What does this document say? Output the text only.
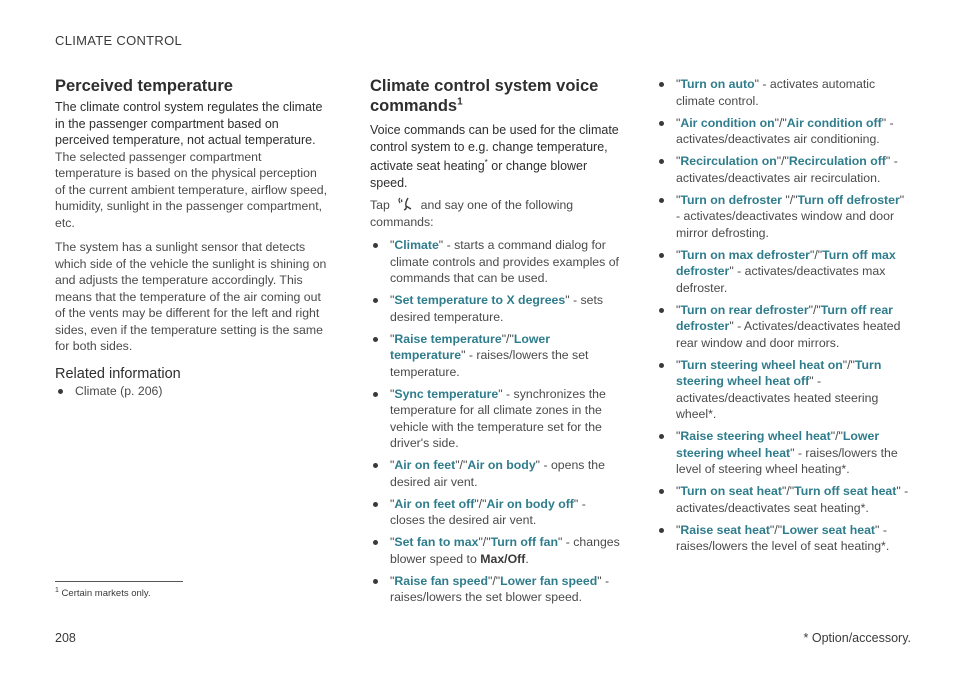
CLIMATE CONTROL
Perceived temperature

The climate control system regulates the climate in the passenger compartment based on perceived temperature, not actual temperature.

The selected passenger compartment temperature is based on the physical perception of the current ambient temperature, airflow speed, humidity, sunlight in the passenger compartment, etc.

The system has a sunlight sensor that detects which side of the vehicle the sunlight is shining on and adjusts the temperature accordingly. This means that the temperature of the air coming out of the vents may be different for the left and right sides, even if the temperature setting is the same for both sides.

Related information
Climate (p. 206)
Climate control system voice commands$^1$

Voice commands can be used for the climate control system to e.g. change temperature, activate seat heating* or change blower speed.

Tap	and say one of the following commands:

"Climate" - starts a command dialog for climate controls and provides examples of commands that can be used.
"Set temperature to X degrees" - sets desired temperature.
"Raise temperature"/"Lower temperature" - raises/lowers the set temperature.
"Sync temperature" - synchronizes the temperature for all climate zones in the vehicle with the temperature set for the driver's side.
"Air on feet"/"Air on body" - opens the desired air vent.
"Air on feet off"/"Air on body off" - closes the desired air vent.
"Set fan to max"/"Turn off fan" - changes blower speed to Max/Off.
"Raise fan speed"/"Lower fan speed" - raises/lowers the set blower speed.
"Turn on auto" - activates automatic climate control.
"Air condition on"/"Air condition off" - activates/deactivates air conditioning.
"Recirculation on"/"Recirculation off" - activates/deactivates air recirculation.
"Turn on defroster "/"Turn off defroster" - activates/deactivates window and door mirror defrosting.
"Turn on max defroster"/"Turn off max defroster" - activates/deactivates max defroster.
"Turn on rear defroster"/"Turn off rear defroster" - Activates/deactivates heated rear window and door mirrors.
"Turn steering wheel heat on"/"Turn steering wheel heat off" - activates/deactivates heated steering wheel*.
"Raise steering wheel heat"/"Lower steering wheel heat" - raises/lowers the level of steering wheel heating*.
"Turn on seat heat"/"Turn off seat heat" - activates/deactivates seat heating*.
"Raise seat heat"/"Lower seat heat" - raises/lowers the level of seat heating*.
$^1$ Certain markets only.
208	* Option/accessory.
